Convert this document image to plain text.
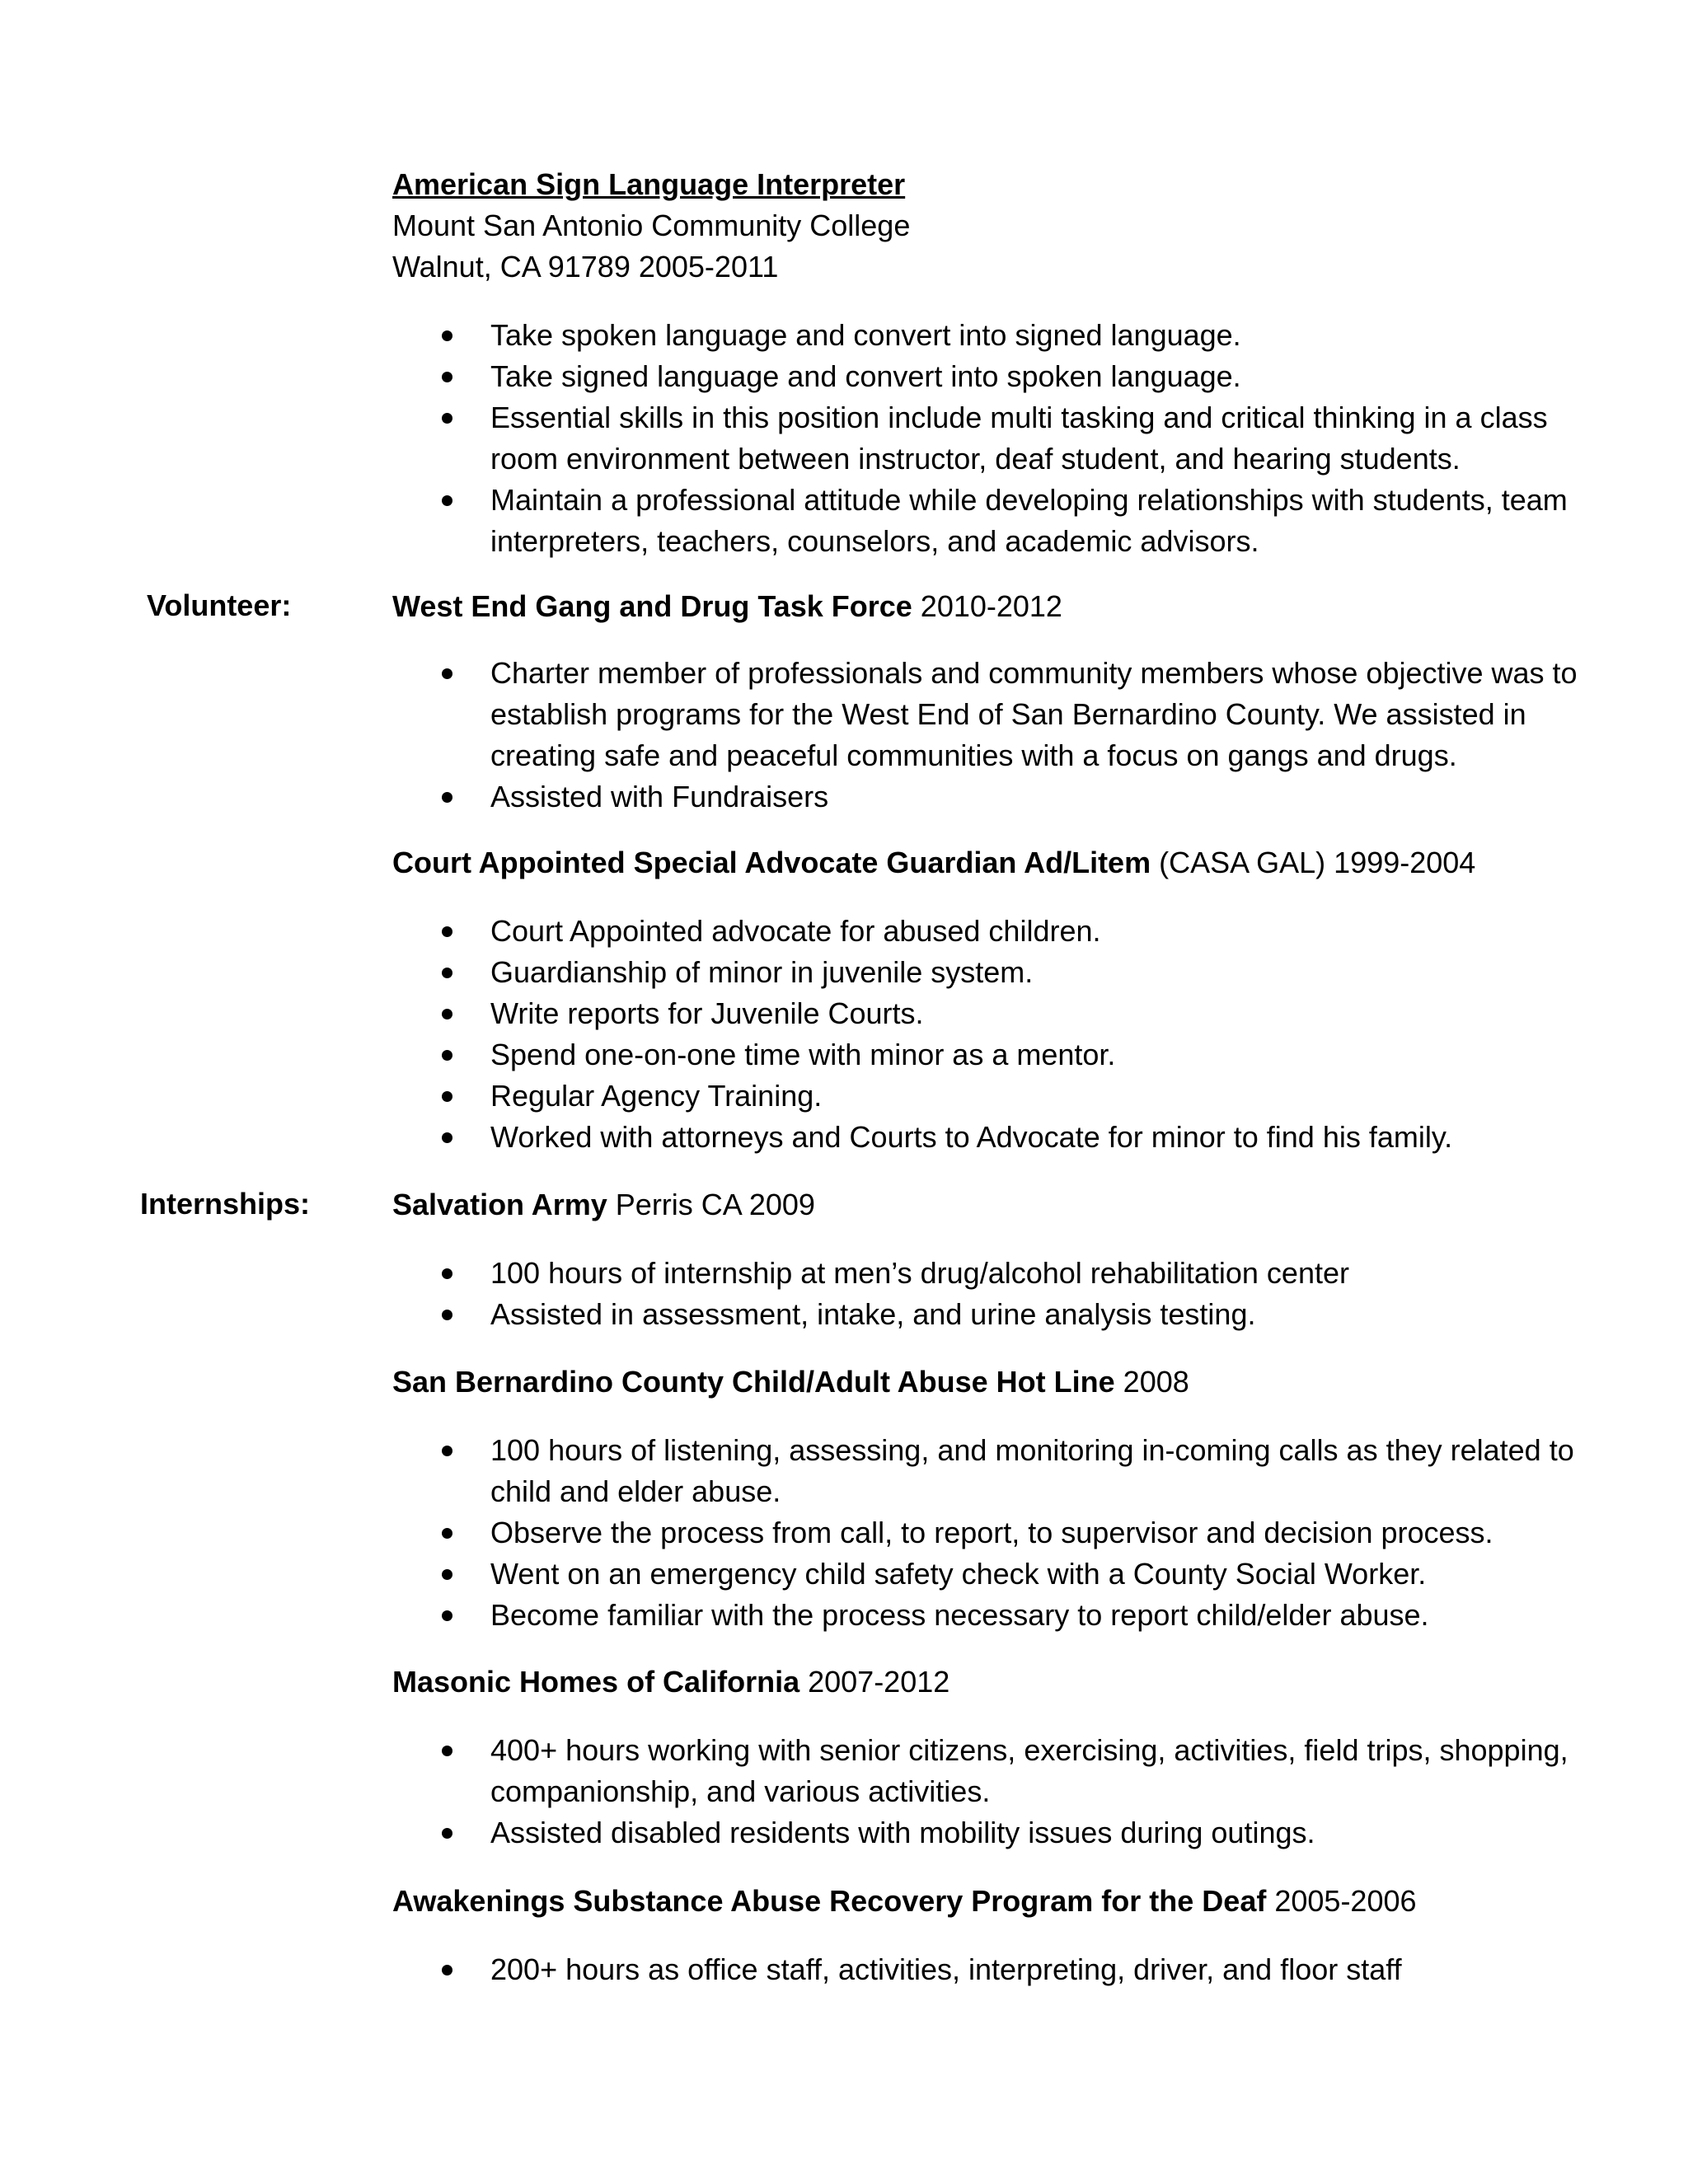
American Sign Language Interpreter

Mount San Antonio Community College

Walnut, CA 91789 2005-2011

Take spoken language and convert into signed language.
Take signed language and convert into spoken language.
Essential skills in this position include multi tasking and critical thinking in a class room environment between instructor, deaf student, and hearing students.
Maintain a professional attitude while developing relationships with students, team interpreters, teachers, counselors, and academic advisors.
Volunteer:	West End Gang and Drug Task Force 2010-2012

Charter member of professionals and community members whose objective was to establish programs for the West End of San Bernardino County. We assisted in creating safe and peaceful communities with a focus on gangs and drugs.
Assisted with Fundraisers

Court Appointed Special Advocate Guardian Ad/Litem (CASA GAL) 1999-2004

Court Appointed advocate for abused children.
Guardianship of minor in juvenile system.
Write reports for Juvenile Courts.
Spend one-on-one time with minor as a mentor.
Regular Agency Training.
Worked with attorneys and Courts to Advocate for minor to find his family.
Internships:	Salvation Army Perris CA 2009

100 hours of internship at men’s drug/alcohol rehabilitation center
Assisted in assessment, intake, and urine analysis testing.

San Bernardino County Child/Adult Abuse Hot Line 2008

100 hours of listening, assessing, and monitoring in-coming calls as they related to child and elder abuse.
Observe the process from call, to report, to supervisor and decision process.
Went on an emergency child safety check with a County Social Worker.
Become familiar with the process necessary to report child/elder abuse.

Masonic Homes of California 2007-2012

400+ hours working with senior citizens, exercising, activities, field trips, shopping, companionship, and various activities.
Assisted disabled residents with mobility issues during outings.

Awakenings Substance Abuse Recovery Program for the Deaf 2005-2006

200+ hours as office staff, activities, interpreting, driver, and floor staff
